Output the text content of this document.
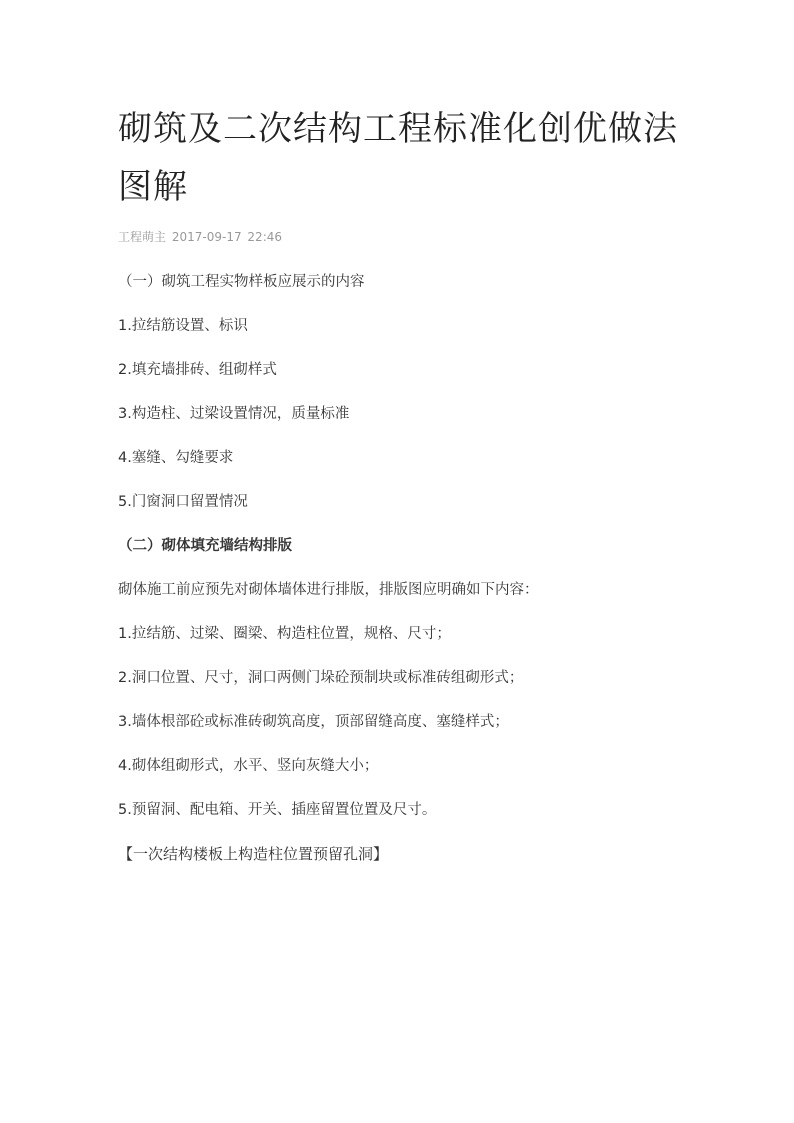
砌筑及二次结构工程标准化创优做法图解
工程萌主 2017-09-17 22:46

（一）砌筑工程实物样板应展示的内容

1.拉结筋设置、标识

2.填充墙排砖、组砌样式

3.构造柱、过梁设置情况，质量标准

4.塞缝、勾缝要求

5.门窗洞口留置情况

（二）砌体填充墙结构排版

砌体施工前应预先对砌体墙体进行排版，排版图应明确如下内容：

1.拉结筋、过梁、圈梁、构造柱位置，规格、尺寸；

2.洞口位置、尺寸，洞口两侧门垛砼预制块或标准砖组砌形式；

3.墙体根部砼或标准砖砌筑高度，顶部留缝高度、塞缝样式；

4.砌体组砌形式，水平、竖向灰缝大小；

5.预留洞、配电箱、开关、插座留置位置及尺寸。

【一次结构楼板上构造柱位置预留孔洞】
